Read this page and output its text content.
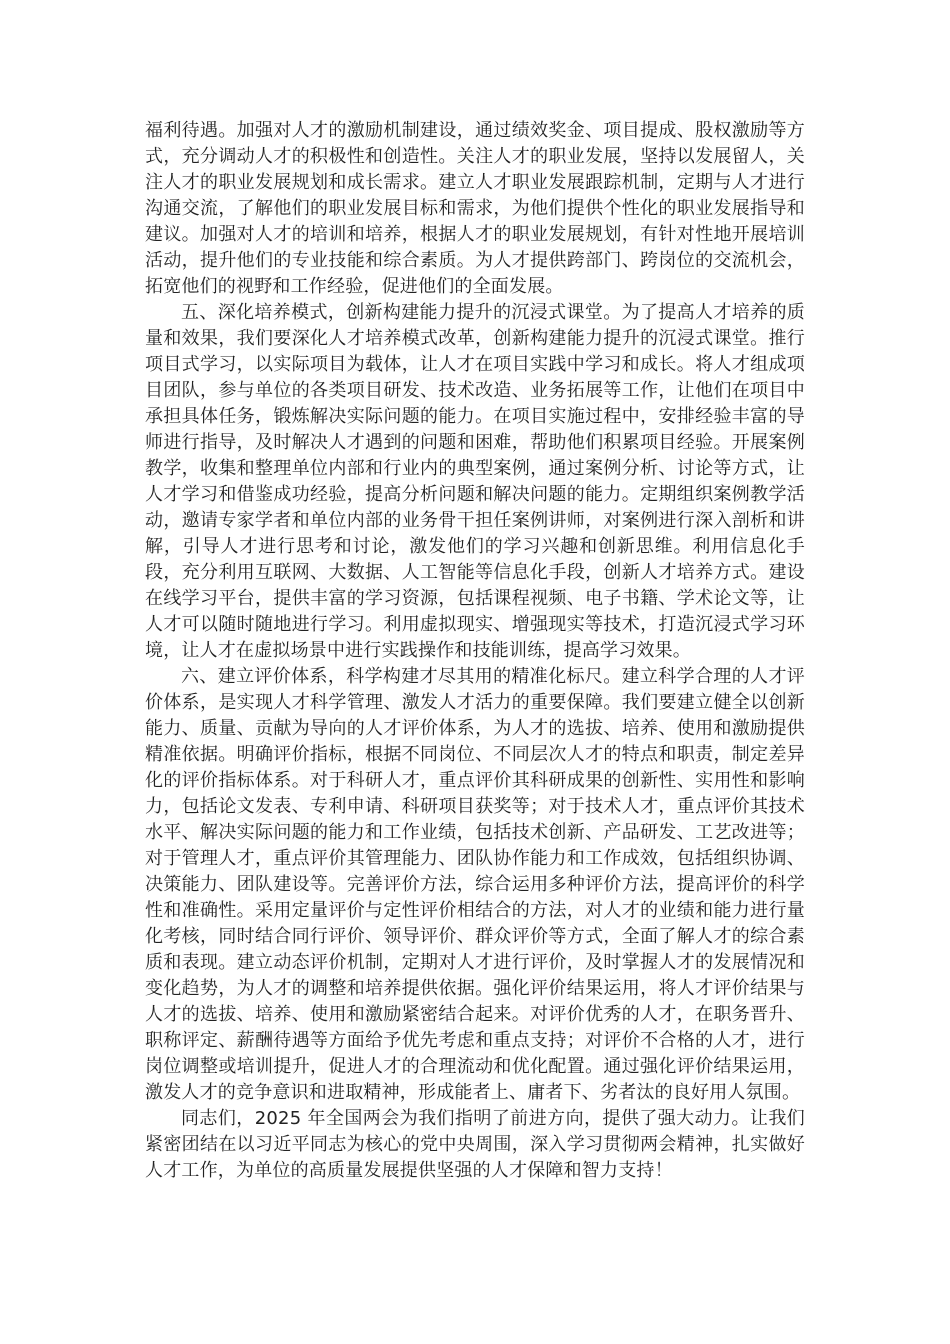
福利待遇。加强对人才的激励机制建设，通过绩效奖金、项目提成、股权激励等方式，充分调动人才的积极性和创造性。关注人才的职业发展，坚持以发展留人，关注人才的职业发展规划和成长需求。建立人才职业发展跟踪机制，定期与人才进行沟通交流，了解他们的职业发展目标和需求，为他们提供个性化的职业发展指导和建议。加强对人才的培训和培养，根据人才的职业发展规划，有针对性地开展培训活动，提升他们的专业技能和综合素质。为人才提供跨部门、跨岗位的交流机会，拓宽他们的视野和工作经验，促进他们的全面发展。

五、深化培养模式，创新构建能力提升的沉浸式课堂。为了提高人才培养的质量和效果，我们要深化人才培养模式改革，创新构建能力提升的沉浸式课堂。推行项目式学习，以实际项目为载体，让人才在项目实践中学习和成长。将人才组成项目团队，参与单位的各类项目研发、技术改造、业务拓展等工作，让他们在项目中承担具体任务，锻炼解决实际问题的能力。在项目实施过程中，安排经验丰富的导师进行指导，及时解决人才遇到的问题和困难，帮助他们积累项目经验。开展案例教学，收集和整理单位内部和行业内的典型案例，通过案例分析、讨论等方式，让人才学习和借鉴成功经验，提高分析问题和解决问题的能力。定期组织案例教学活动，邀请专家学者和单位内部的业务骨干担任案例讲师，对案例进行深入剖析和讲解，引导人才进行思考和讨论，激发他们的学习兴趣和创新思维。利用信息化手段，充分利用互联网、大数据、人工智能等信息化手段，创新人才培养方式。建设在线学习平台，提供丰富的学习资源，包括课程视频、电子书籍、学术论文等，让人才可以随时随地进行学习。利用虚拟现实、增强现实等技术，打造沉浸式学习环境，让人才在虚拟场景中进行实践操作和技能训练，提高学习效果。

六、建立评价体系，科学构建才尽其用的精准化标尺。建立科学合理的人才评价体系，是实现人才科学管理、激发人才活力的重要保障。我们要建立健全以创新能力、质量、贡献为导向的人才评价体系，为人才的选拔、培养、使用和激励提供精准依据。明确评价指标，根据不同岗位、不同层次人才的特点和职责，制定差异化的评价指标体系。对于科研人才，重点评价其科研成果的创新性、实用性和影响力，包括论文发表、专利申请、科研项目获奖等；对于技术人才，重点评价其技术水平、解决实际问题的能力和工作业绩，包括技术创新、产品研发、工艺改进等；对于管理人才，重点评价其管理能力、团队协作能力和工作成效，包括组织协调、决策能力、团队建设等。完善评价方法，综合运用多种评价方法，提高评价的科学性和准确性。采用定量评价与定性评价相结合的方法，对人才的业绩和能力进行量化考核，同时结合同行评价、领导评价、群众评价等方式，全面了解人才的综合素质和表现。建立动态评价机制，定期对人才进行评价，及时掌握人才的发展情况和变化趋势，为人才的调整和培养提供依据。强化评价结果运用，将人才评价结果与人才的选拔、培养、使用和激励紧密结合起来。对评价优秀的人才，在职务晋升、职称评定、薪酬待遇等方面给予优先考虑和重点支持；对评价不合格的人才，进行岗位调整或培训提升，促进人才的合理流动和优化配置。通过强化评价结果运用，激发人才的竞争意识和进取精神，形成能者上、庸者下、劣者汰的良好用人氛围。

同志们，2025 年全国两会为我们指明了前进方向，提供了强大动力。让我们紧密团结在以习近平同志为核心的党中央周围，深入学习贯彻两会精神，扎实做好人才工作，为单位的高质量发展提供坚强的人才保障和智力支持！
